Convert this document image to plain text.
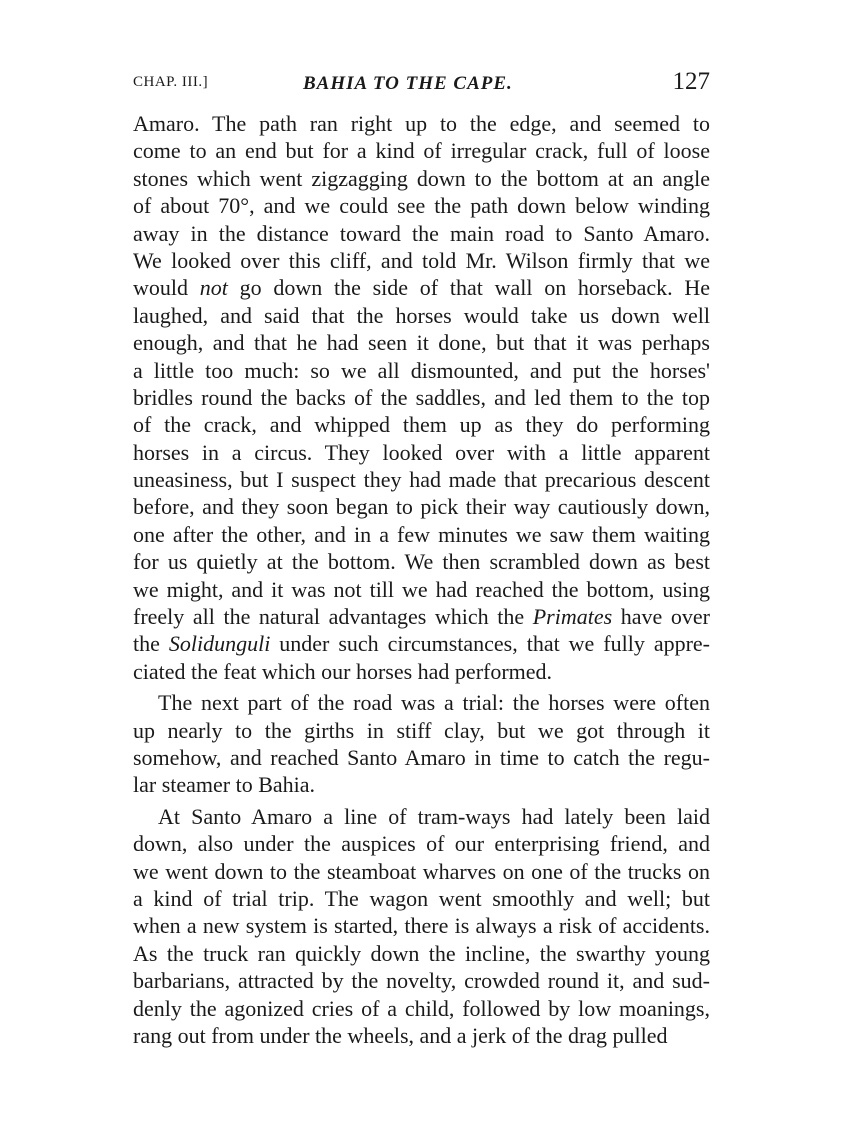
CHAP. III.]	BAHIA TO THE CAPE.	127
Amaro. The path ran right up to the edge, and seemed to
come to an end but for a kind of irregular crack, full of loose
stones which went zigzagging down to the bottom at an angle
of about 70°, and we could see the path down below winding
away in the distance toward the main road to Santo Amaro.
We looked over this cliff, and told Mr. Wilson firmly that we
would not go down the side of that wall on horseback. He
laughed, and said that the horses would take us down well
enough, and that he had seen it done, but that it was perhaps
a little too much: so we all dismounted, and put the horses'
bridles round the backs of the saddles, and led them to the top
of the crack, and whipped them up as they do performing
horses in a circus. They looked over with a little apparent
uneasiness, but I suspect they had made that precarious descent
before, and they soon began to pick their way cautiously down,
one after the other, and in a few minutes we saw them waiting
for us quietly at the bottom. We then scrambled down as best
we might, and it was not till we had reached the bottom, using
freely all the natural advantages which the Primates have over
the Solidunguli under such circumstances, that we fully appre-
ciated the feat which our horses had performed.
The next part of the road was a trial: the horses were often
up nearly to the girths in stiff clay, but we got through it
somehow, and reached Santo Amaro in time to catch the regu-
lar steamer to Bahia.
At Santo Amaro a line of tram-ways had lately been laid
down, also under the auspices of our enterprising friend, and
we went down to the steamboat wharves on one of the trucks on
a kind of trial trip. The wagon went smoothly and well; but
when a new system is started, there is always a risk of accidents.
As the truck ran quickly down the incline, the swarthy young
barbarians, attracted by the novelty, crowded round it, and sud-
denly the agonized cries of a child, followed by low moanings,
rang out from under the wheels, and a jerk of the drag pulled
